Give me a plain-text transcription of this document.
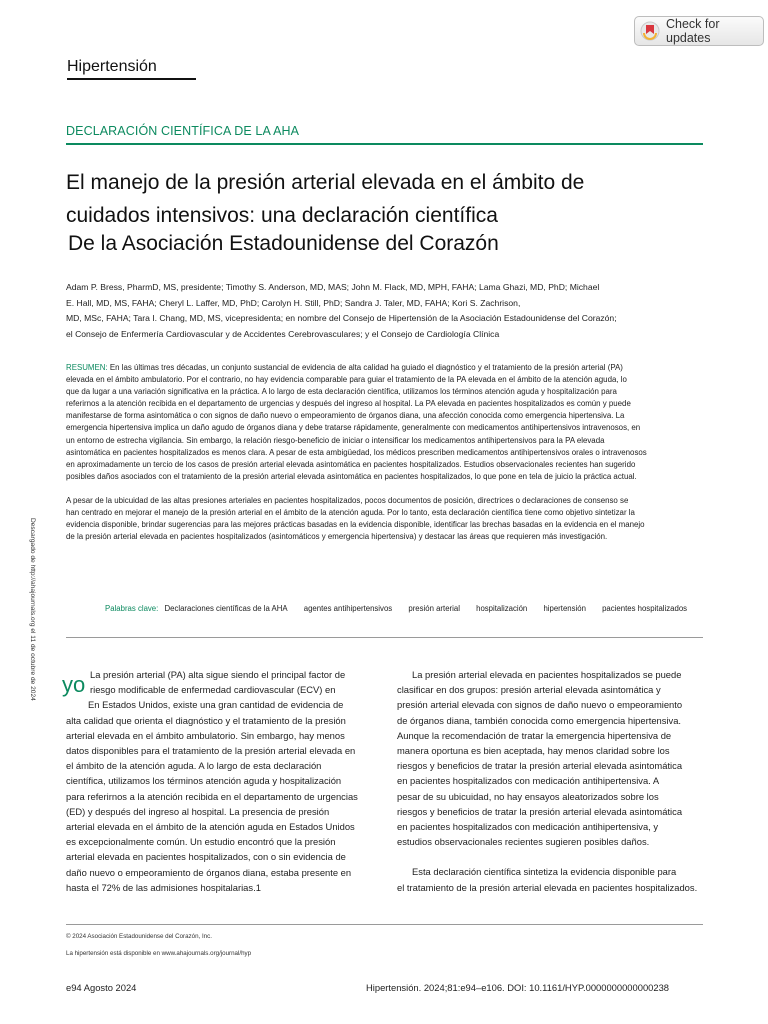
Check for updates
Hipertensión
DECLARACIÓN CIENTÍFICA DE LA AHA
El manejo de la presión arterial elevada en el ámbito de
cuidados intensivos: una declaración científica
De la Asociación Estadounidense del Corazón
Adam P. Bress, PharmD, MS, presidente; Timothy S. Anderson, MD, MAS; John M. Flack, MD, MPH, FAHA; Lama Ghazi, MD, PhD; Michael
E. Hall, MD, MS, FAHA; Cheryl L. Laffer, MD, PhD; Carolyn H. Still, PhD; Sandra J. Taler, MD, FAHA; Kori S. Zachrison,
MD, MSc, FAHA; Tara I. Chang, MD, MS, vicepresidenta; en nombre del Consejo de Hipertensión de la Asociación Estadounidense del Corazón;
el Consejo de Enfermería Cardiovascular y de Accidentes Cerebrovasculares; y el Consejo de Cardiología Clínica
RESUMEN: En las últimas tres décadas, un conjunto sustancial de evidencia de alta calidad ha guiado el diagnóstico y el tratamiento de la presión arterial (PA)
elevada en el ámbito ambulatorio. Por el contrario, no hay evidencia comparable para guiar el tratamiento de la PA elevada en el ámbito de la atención aguda, lo
que da lugar a una variación significativa en la práctica. A lo largo de esta declaración científica, utilizamos los términos atención aguda y hospitalización para
referirnos a la atención recibida en el departamento de urgencias y después del ingreso al hospital. La PA elevada en pacientes hospitalizados es común y puede
manifestarse de forma asintomática o con signos de daño nuevo o empeoramiento de órganos diana, una afección conocida como emergencia hipertensiva. La
emergencia hipertensiva implica un daño agudo de órganos diana y debe tratarse rápidamente, generalmente con medicamentos antihipertensivos intravenosos, en
un entorno de estrecha vigilancia. Sin embargo, la relación riesgo-beneficio de iniciar o intensificar los medicamentos antihipertensivos para la PA elevada
asintomática en pacientes hospitalizados es menos clara. A pesar de esta ambigüedad, los médicos prescriben medicamentos antihipertensivos orales o intravenosos
en aproximadamente un tercio de los casos de presión arterial elevada asintomática en pacientes hospitalizados. Estudios observacionales recientes han sugerido
posibles daños asociados con el tratamiento de la presión arterial elevada asintomática en pacientes hospitalizados, lo que pone en tela de juicio la práctica actual.
A pesar de la ubicuidad de las altas presiones arteriales en pacientes hospitalizados, pocos documentos de posición, directrices o declaraciones de consenso se
han centrado en mejorar el manejo de la presión arterial en el ámbito de la atención aguda. Por lo tanto, esta declaración científica tiene como objetivo sintetizar la
evidencia disponible, brindar sugerencias para las mejores prácticas basadas en la evidencia disponible, identificar las brechas basadas en la evidencia en el manejo
de la presión arterial elevada en pacientes hospitalizados (asintomáticos y emergencia hipertensiva) y destacar las áreas que requieren más investigación.
Palabras clave: Declaraciones científicas de la AHA agentes antihipertensivos presión arterial hospitalización hipertensión pacientes hospitalizados
Descargado de http://ahajournals.org el 11 de octubre de 2024 yo La presión arterial (PA) alta sigue siendo el principal factor de
riesgo modificable de enfermedad cardiovascular (ECV) en
En Estados Unidos, existe una gran cantidad de evidencia de
alta calidad que orienta el diagnóstico y el tratamiento de la presión
arterial elevada en el ámbito ambulatorio. Sin embargo, hay menos
datos disponibles para el tratamiento de la presión arterial elevada en
el ámbito de la atención aguda. A lo largo de esta declaración
científica, utilizamos los términos atención aguda y hospitalización
para referirnos a la atención recibida en el departamento de urgencias
(ED) y después del ingreso al hospital. La presencia de presión
arterial elevada en el ámbito de la atención aguda en Estados Unidos
es excepcionalmente común. Un estudio encontró que la presión
arterial elevada en pacientes hospitalizados, con o sin evidencia de
daño nuevo o empeoramiento de órganos diana, estaba presente en
hasta el 72% de las admisiones hospitalarias.1
La presión arterial elevada en pacientes hospitalizados se puede
clasificar en dos grupos: presión arterial elevada asintomática y
presión arterial elevada con signos de daño nuevo o empeoramiento
de órganos diana, también conocida como emergencia hipertensiva.
Aunque la recomendación de tratar la emergencia hipertensiva de
manera oportuna es bien aceptada, hay menos claridad sobre los
riesgos y beneficios de tratar la presión arterial elevada asintomática
en pacientes hospitalizados con medicación antihipertensiva. A
pesar de su ubicuidad, no hay ensayos aleatorizados sobre los
riesgos y beneficios de tratar la presión arterial elevada asintomática
en pacientes hospitalizados con medicación antihipertensiva, y
estudios observacionales recientes sugieren posibles daños.
Esta declaración científica sintetiza la evidencia disponible para
el tratamiento de la presión arterial elevada en pacientes hospitalizados.
© 2024 Asociación Estadounidense del Corazón, Inc.
La hipertensión está disponible en www.ahajournals.org/journal/hyp
e94 Agosto 2024	Hipertensión. 2024;81:e94–e106. DOI: 10.1161/HYP.0000000000000238
